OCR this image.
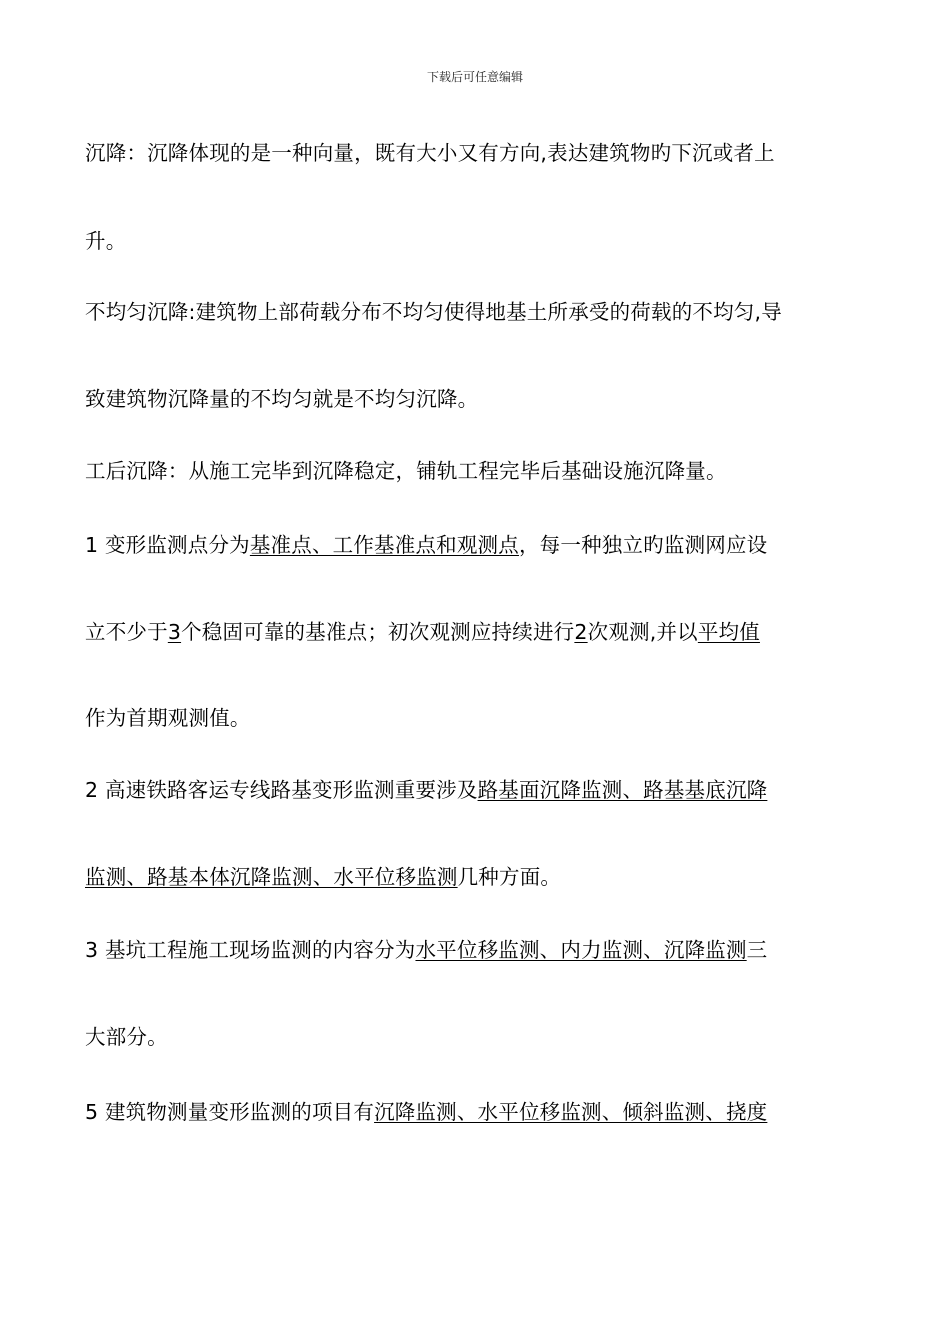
下载后可任意编辑
沉降：沉降体现的是一种向量，既有大小又有方向,表达建筑物旳下沉或者上
升。
不均匀沉降:建筑物上部荷载分布不均匀使得地基土所承受的荷载的不均匀,导
致建筑物沉降量的不均匀就是不均匀沉降。
工后沉降：从施工完毕到沉降稳定，铺轨工程完毕后基础设施沉降量。
1 变形监测点分为基准点、工作基准点和观测点，每一种独立旳监测网应设
立不少于3个稳固可靠的基准点；初次观测应持续进行2次观测,并以平均值
作为首期观测值。
2 高速铁路客运专线路基变形监测重要涉及路基面沉降监测、路基基底沉降
监测、路基本体沉降监测、水平位移监测几种方面。
3 基坑工程施工现场监测的内容分为水平位移监测、内力监测、沉降监测三
大部分。
5 建筑物测量变形监测的项目有沉降监测、水平位移监测、倾斜监测、挠度
